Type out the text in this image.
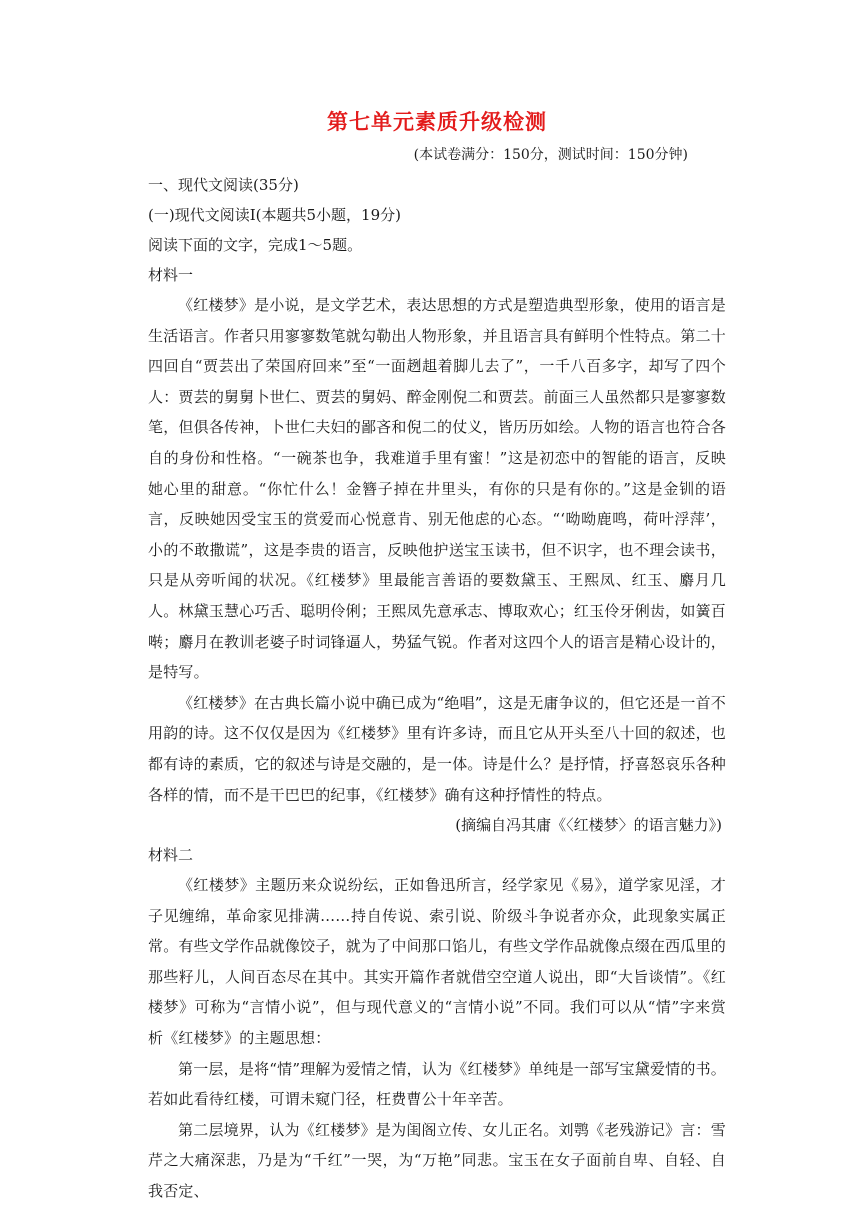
第七单元素质升级检测

(本试卷满分：150分，测试时间：150分钟)

一、现代文阅读(35分)

(一)现代文阅读Ⅰ(本题共5小题，19分)

阅读下面的文字，完成1～5题。

材料一

《红楼梦》是小说，是文学艺术，表达思想的方式是塑造典型形象，使用的语言是生活语言。作者只用寥寥数笔就勾勒出人物形象，并且语言具有鲜明个性特点。第二十四回自“贾芸出了荣国府回来”至“一面趔趄着脚儿去了”，一千八百多字，却写了四个人：贾芸的舅舅卜世仁、贾芸的舅妈、醉金刚倪二和贾芸。前面三人虽然都只是寥寥数笔，但俱各传神，卜世仁夫妇的鄙吝和倪二的仗义，皆历历如绘。人物的语言也符合各自的身份和性格。“一碗茶也争，我难道手里有蜜！”这是初恋中的智能的语言，反映她心里的甜意。“你忙什么！金簪子掉在井里头，有你的只是有你的。”这是金钏的语言，反映她因受宝玉的赏爱而心悦意肯、别无他虑的心态。“‘呦呦鹿鸣，荷叶浮萍’，小的不敢撒谎”，这是李贵的语言，反映他护送宝玉读书，但不识字，也不理会读书，只是从旁听闻的状况。《红楼梦》里最能言善语的要数黛玉、王熙凤、红玉、麝月几人。林黛玉慧心巧舌、聪明伶俐；王熙凤先意承志、博取欢心；红玉伶牙俐齿，如簧百啭；麝月在教训老婆子时词锋逼人，势猛气锐。作者对这四个人的语言是精心设计的，是特写。

《红楼梦》在古典长篇小说中确已成为“绝唱”，这是无庸争议的，但它还是一首不用韵的诗。这不仅仅是因为《红楼梦》里有许多诗，而且它从开头至八十回的叙述，也都有诗的素质，它的叙述与诗是交融的，是一体。诗是什么？是抒情，抒喜怒哀乐各种各样的情，而不是干巴巴的纪事，《红楼梦》确有这种抒情性的特点。

(摘编自冯其庸《〈红楼梦〉的语言魅力》)

材料二

《红楼梦》主题历来众说纷纭，正如鲁迅所言，经学家见《易》，道学家见淫，才子见缠绵，革命家见排满……持自传说、索引说、阶级斗争说者亦众，此现象实属正常。有些文学作品就像饺子，就为了中间那口馅儿，有些文学作品就像点缀在西瓜里的那些籽儿，人间百态尽在其中。其实开篇作者就借空空道人说出，即“大旨谈情”。《红楼梦》可称为“言情小说”，但与现代意义的“言情小说”不同。我们可以从“情”字来赏析《红楼梦》的主题思想：

第一层，是将“情”理解为爱情之情，认为《红楼梦》单纯是一部写宝黛爱情的书。若如此看待红楼，可谓未窥门径，枉费曹公十年辛苦。

第二层境界，认为《红楼梦》是为闺阁立传、女儿正名。刘鹗《老残游记》言：雪芹之大痛深悲，乃是为“千红”一哭，为“万艳”同悲。宝玉在女子面前自卑、自轻、自我否定、
